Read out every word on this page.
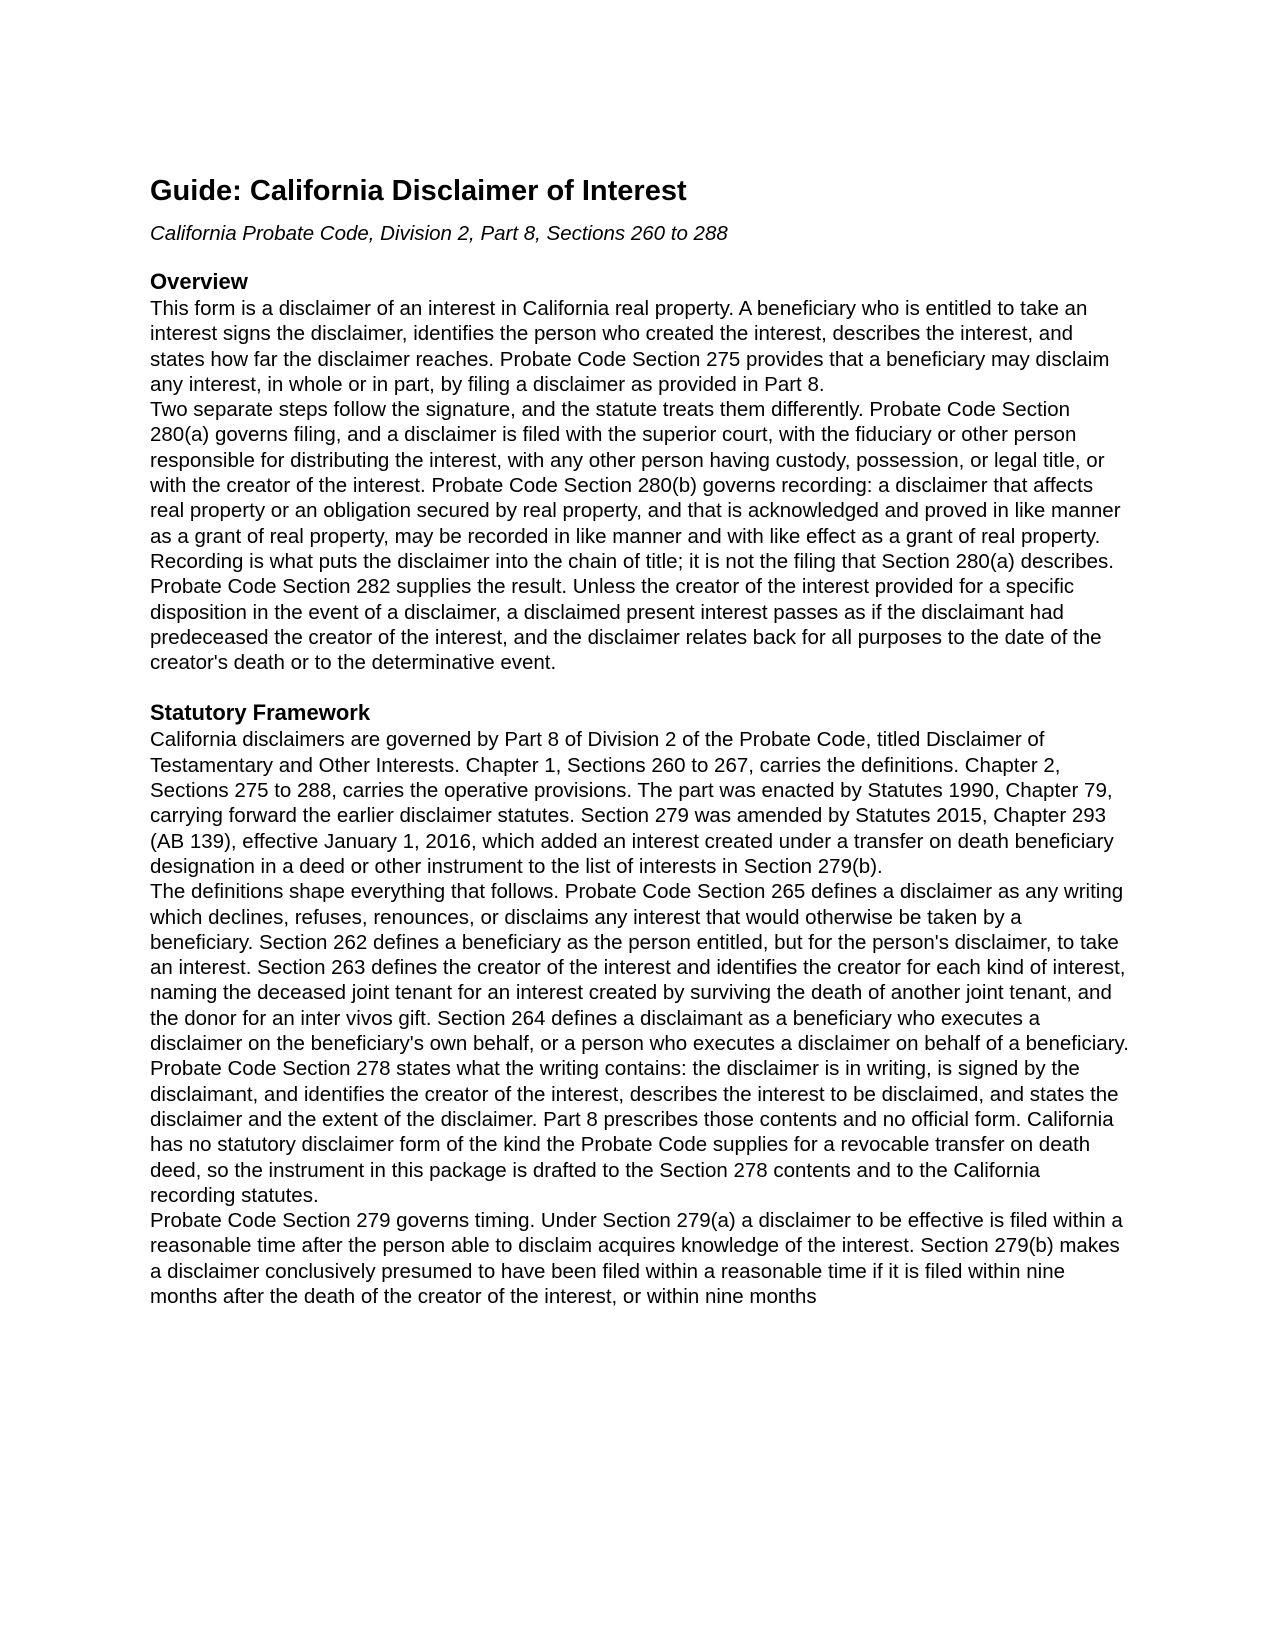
Guide: California Disclaimer of Interest
California Probate Code, Division 2, Part 8, Sections 260 to 288
Overview

This form is a disclaimer of an interest in California real property. A beneficiary who is entitled to take an interest signs the disclaimer, identifies the person who created the interest, describes the interest, and states how far the disclaimer reaches. Probate Code Section 275 provides that a beneficiary may disclaim any interest, in whole or in part, by filing a disclaimer as provided in Part 8.

Two separate steps follow the signature, and the statute treats them differently. Probate Code Section 280(a) governs filing, and a disclaimer is filed with the superior court, with the fiduciary or other person responsible for distributing the interest, with any other person having custody, possession, or legal title, or with the creator of the interest. Probate Code Section 280(b) governs recording: a disclaimer that affects real property or an obligation secured by real property, and that is acknowledged and proved in like manner as a grant of real property, may be recorded in like manner and with like effect as a grant of real property. Recording is what puts the disclaimer into the chain of title; it is not the filing that Section 280(a) describes.

Probate Code Section 282 supplies the result. Unless the creator of the interest provided for a specific disposition in the event of a disclaimer, a disclaimed present interest passes as if the disclaimant had predeceased the creator of the interest, and the disclaimer relates back for all purposes to the date of the creator's death or to the determinative event.

Statutory Framework

California disclaimers are governed by Part 8 of Division 2 of the Probate Code, titled Disclaimer of Testamentary and Other Interests. Chapter 1, Sections 260 to 267, carries the definitions. Chapter 2, Sections 275 to 288, carries the operative provisions. The part was enacted by Statutes 1990, Chapter 79, carrying forward the earlier disclaimer statutes. Section 279 was amended by Statutes 2015, Chapter 293 (AB 139), effective January 1, 2016, which added an interest created under a transfer on death beneficiary designation in a deed or other instrument to the list of interests in Section 279(b).

The definitions shape everything that follows. Probate Code Section 265 defines a disclaimer as any writing which declines, refuses, renounces, or disclaims any interest that would otherwise be taken by a beneficiary. Section 262 defines a beneficiary as the person entitled, but for the person's disclaimer, to take an interest. Section 263 defines the creator of the interest and identifies the creator for each kind of interest, naming the deceased joint tenant for an interest created by surviving the death of another joint tenant, and the donor for an inter vivos gift. Section 264 defines a disclaimant as a beneficiary who executes a disclaimer on the beneficiary's own behalf, or a person who executes a disclaimer on behalf of a beneficiary.

Probate Code Section 278 states what the writing contains: the disclaimer is in writing, is signed by the disclaimant, and identifies the creator of the interest, describes the interest to be disclaimed, and states the disclaimer and the extent of the disclaimer. Part 8 prescribes those contents and no official form. California has no statutory disclaimer form of the kind the Probate Code supplies for a revocable transfer on death deed, so the instrument in this package is drafted to the Section 278 contents and to the California recording statutes.

Probate Code Section 279 governs timing. Under Section 279(a) a disclaimer to be effective is filed within a reasonable time after the person able to disclaim acquires knowledge of the interest. Section 279(b) makes a disclaimer conclusively presumed to have been filed within a reasonable time if it is filed within nine months after the death of the creator of the interest, or within nine months
